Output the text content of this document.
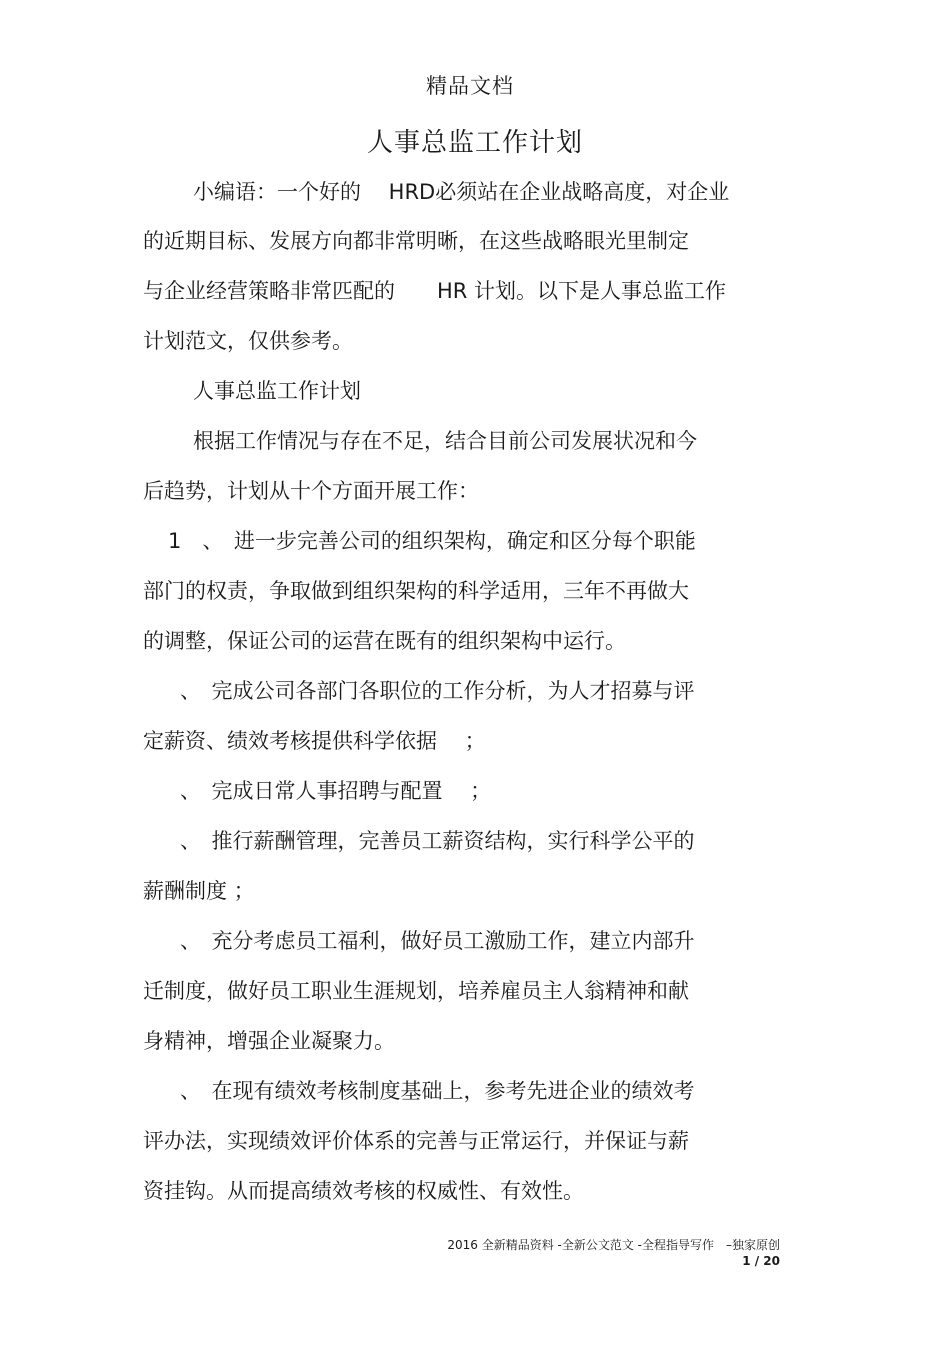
精品文档
人事总监工作计划
小编语：一个好的　 HRD必须站在企业战略高度，对企业
的近期目标、发展方向都非常明晰，在这些战略眼光里制定
与企业经营策略非常匹配的　　HR 计划。以下是人事总监工作
计划范文，仅供参考。
人事总监工作计划
根据工作情况与存在不足，结合目前公司发展状况和今
后趋势，计划从十个方面开展工作：
1　、　进一步完善公司的组织架构，确定和区分每个职能
部门的权责，争取做到组织架构的科学适用，三年不再做大
的调整，保证公司的运营在既有的组织架构中运行。
、　完成公司各部门各职位的工作分析，为人才招募与评
定薪资、绩效考核提供科学依据　 ；
、　完成日常人事招聘与配置　 ；
、　推行薪酬管理，完善员工薪资结构，实行科学公平的
薪酬制度 ；
、　充分考虑员工福利，做好员工激励工作，建立内部升
迁制度，做好员工职业生涯规划，培养雇员主人翁精神和献
身精神，增强企业凝聚力。
、　在现有绩效考核制度基础上，参考先进企业的绩效考
评办法，实现绩效评价体系的完善与正常运行，并保证与薪
资挂钩。从而提高绩效考核的权威性、有效性。
2016 全新精品资料 -全新公文范文 -全程指导写作　–独家原创
1 / 20
